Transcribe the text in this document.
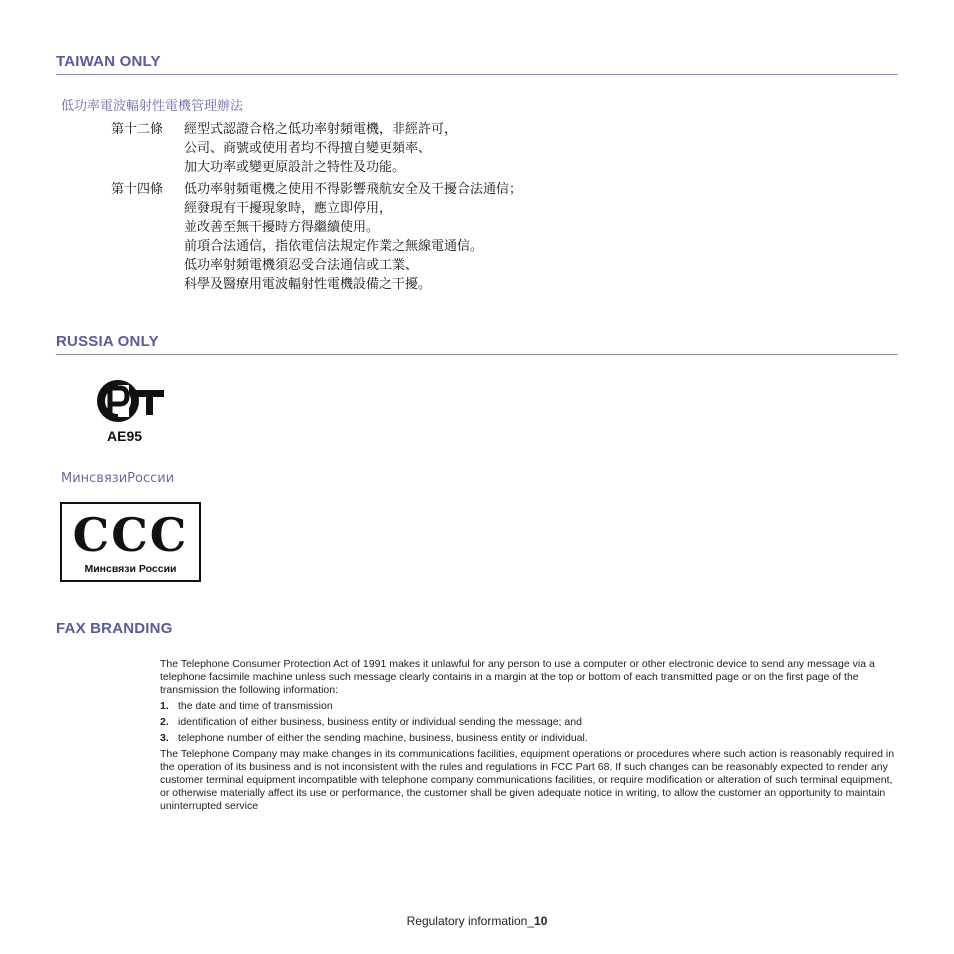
TAIWAN ONLY
低功率電波輻射性電機管理辦法
第十二條	經型式認證合格之低功率射頻電機，非經許可，
公司、商號或使用者均不得擅自變更頻率、
加大功率或變更原設計之特性及功能。
第十四條	低功率射頻電機之使用不得影響飛航安全及干擾合法通信；
經發現有干擾現象時，應立即停用，
並改善至無干擾時方得繼續使用。
前項合法通信，指依電信法規定作業之無線電通信。
低功率射頻電機須忍受合法通信或工業、
科學及醫療用電波輻射性電機設備之干擾。
RUSSIA ONLY
AE95
МинсвязиРоссии
CCC
Минсвязи России
FAX BRANDING

The Telephone Consumer Protection Act of 1991 makes it unlawful for any person to use a computer or other electronic device to send any message via a telephone facsimile machine unless such message clearly contains in a margin at the top or bottom of each transmitted page or on the first page of the transmission the following information:

1. the date and time of transmission
2. identification of either business, business entity or individual sending the message; and
3. telephone number of either the sending machine, business, business entity or individual.

The Telephone Company may make changes in its communications facilities, equipment operations or procedures where such action is reasonably required in the operation of its business and is not inconsistent with the rules and regulations in FCC Part 68. If such changes can be reasonably expected to render any customer terminal equipment incompatible with telephone company communications facilities, or require modification or alteration of such terminal equipment, or otherwise materially affect its use or performance, the customer shall be given adequate notice in writing, to allow the customer an opportunity to maintain uninterrupted service

Regulatory information_10
